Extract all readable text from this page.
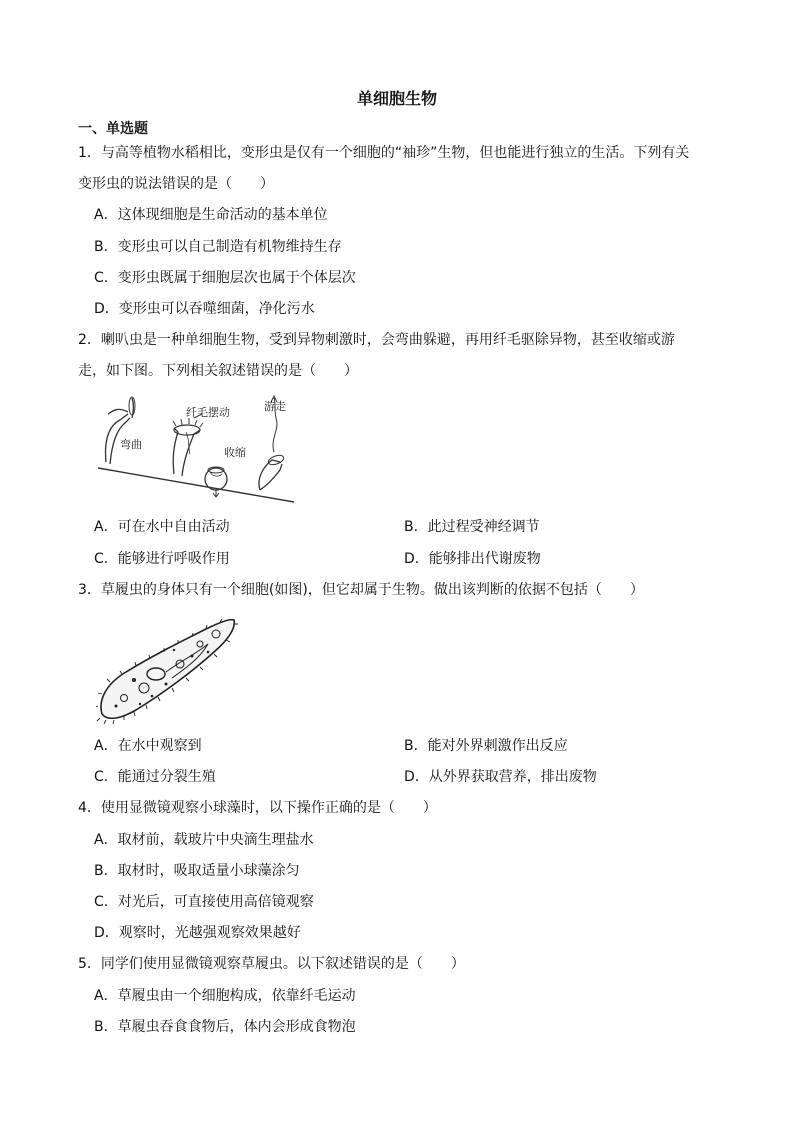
单细胞生物
一、单选题
1．与高等植物水稻相比，变形虫是仅有一个细胞的“袖珍”生物，但也能进行独立的生活。下列有关
变形虫的说法错误的是（　　）
A．这体现细胞是生命活动的基本单位
B．变形虫可以自己制造有机物维持生存
C．变形虫既属于细胞层次也属于个体层次
D．变形虫可以吞噬细菌，净化污水
2．喇叭虫是一种单细胞生物，受到异物刺激时，会弯曲躲避，再用纤毛驱除异物，甚至收缩或游
走，如下图。下列相关叙述错误的是（　　）
弯曲
纤毛摆动
收缩
游走
A．可在水中自由活动	B．此过程受神经调节
C．能够进行呼吸作用	D．能够排出代谢废物
3．草履虫的身体只有一个细胞(如图)，但它却属于生物。做出该判断的依据不包括（　　）
A．在水中观察到	B．能对外界刺激作出反应
C．能通过分裂生殖	D．从外界获取营养，排出废物
4．使用显微镜观察小球藻时，以下操作正确的是（　　）
A．取材前，载玻片中央滴生理盐水
B．取材时，吸取适量小球藻涂匀
C．对光后，可直接使用高倍镜观察
D．观察时，光越强观察效果越好
5．同学们使用显微镜观察草履虫。以下叙述错误的是（　　）
A．草履虫由一个细胞构成，依靠纤毛运动
B．草履虫吞食食物后，体内会形成食物泡
